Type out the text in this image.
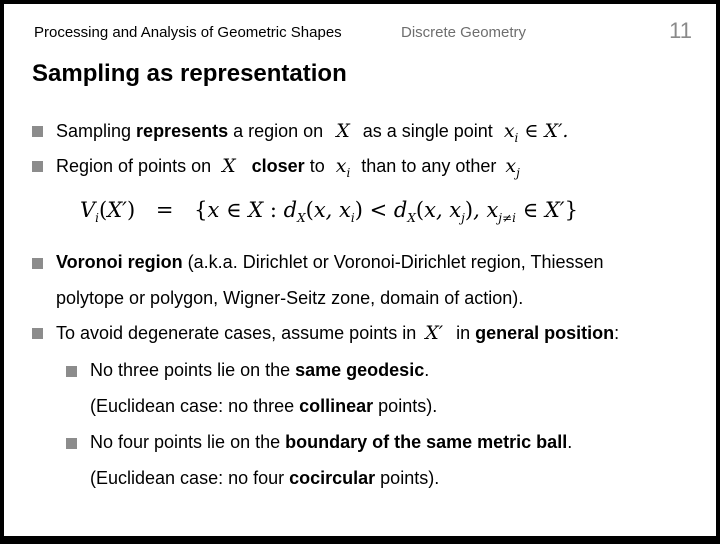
Processing and Analysis of Geometric Shapes	Discrete Geometry	11
Sampling as representation
Sampling represents a region on X as a single point $x_i$ ∈ X′.
Region of points on X closer to $x_i$ than to any other $x_j$
$V_i(X') = \{x$ ∈ X : $d_X(x$, $x_i) < d_X(x$, $x_j$), $x_{j\ne i}$ ∈ X′}
Voronoi region (a.k.a. Dirichlet or Voronoi-Dirichlet region, Thiessen
polytope or polygon, Wigner-Seitz zone, domain of action).
To avoid degenerate cases, assume points in X′ in general position:
No three points lie on the same geodesic.
(Euclidean case: no three collinear points).
No four points lie on the boundary of the same metric ball.
(Euclidean case: no four cocircular points).
